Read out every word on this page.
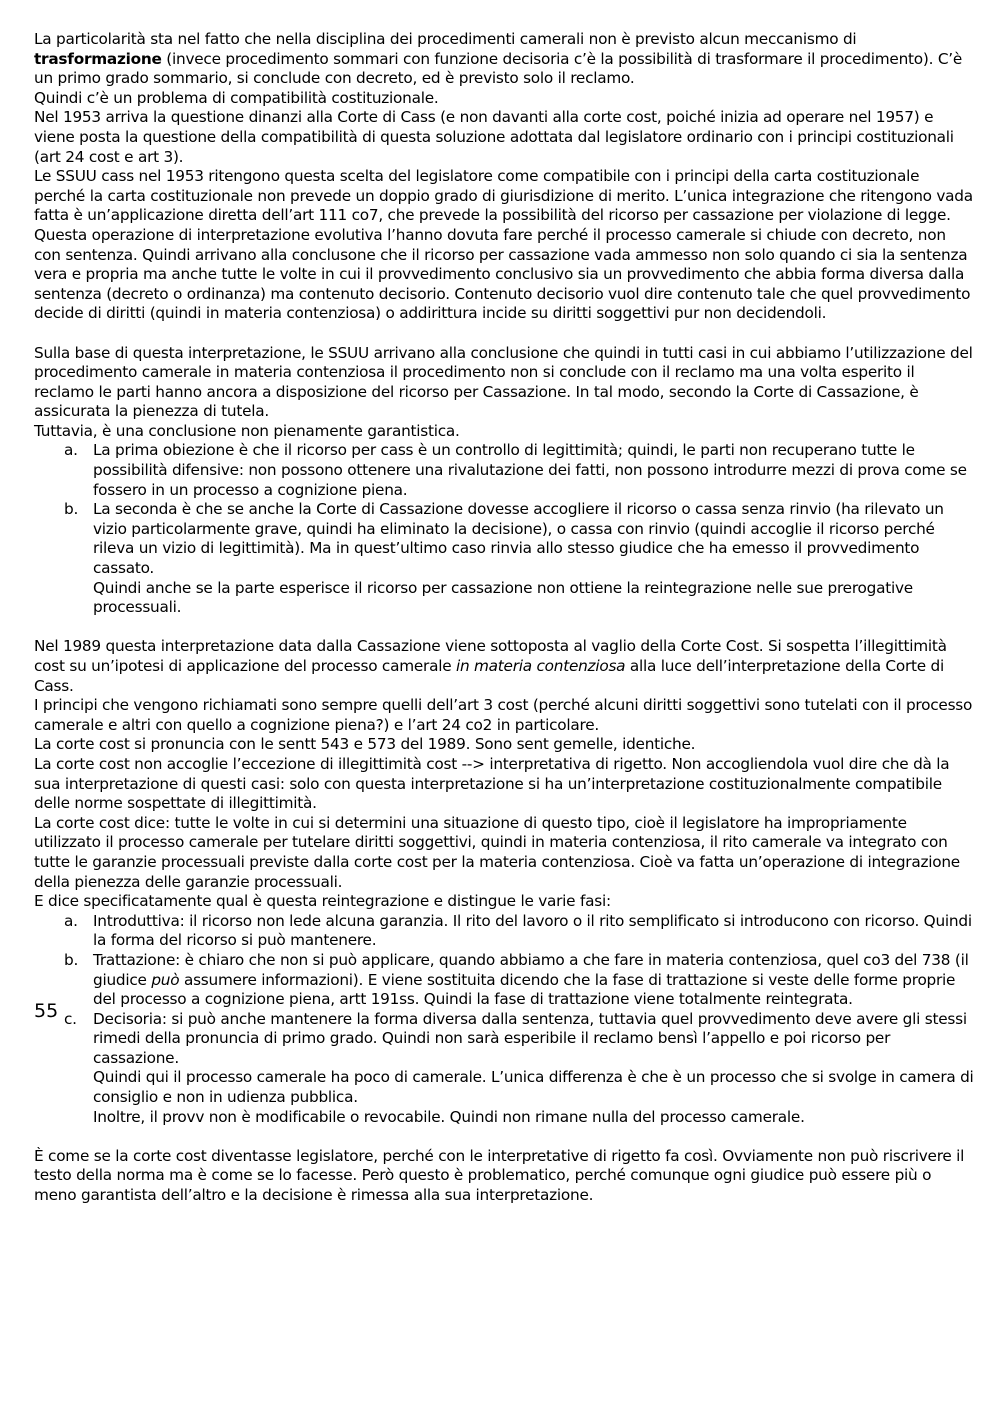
La particolarità sta nel fatto che nella disciplina dei procedimenti camerali non è previsto alcun meccanismo di trasformazione (invece procedimento sommari con funzione decisoria c’è la possibilità di trasformare il procedimento). C’è un primo grado sommario, si conclude con decreto, ed è previsto solo il reclamo.

Quindi c’è un problema di compatibilità costituzionale.

Nel 1953 arriva la questione dinanzi alla Corte di Cass (e non davanti alla corte cost, poiché inizia ad operare nel 1957) e viene posta la questione della compatibilità di questa soluzione adottata dal legislatore ordinario con i principi costituzionali (art 24 cost e art 3).

Le SSUU cass nel 1953 ritengono questa scelta del legislatore come compatibile con i principi della carta costituzionale perché la carta costituzionale non prevede un doppio grado di giurisdizione di merito. L’unica integrazione che ritengono vada fatta è un’applicazione diretta dell’art 111 co7, che prevede la possibilità del ricorso per cassazione per violazione di legge.

Questa operazione di interpretazione evolutiva l’hanno dovuta fare perché il processo camerale si chiude con decreto, non con sentenza. Quindi arrivano alla conclusone che il ricorso per cassazione vada ammesso non solo quando ci sia la sentenza vera e propria ma anche tutte le volte in cui il provvedimento conclusivo sia un provvedimento che abbia forma diversa dalla sentenza (decreto o ordinanza) ma contenuto decisorio. Contenuto decisorio vuol dire contenuto tale che quel provvedimento decide di diritti (quindi in materia contenziosa) o addirittura incide su diritti soggettivi pur non decidendoli.

Sulla base di questa interpretazione, le SSUU arrivano alla conclusione che quindi in tutti casi in cui abbiamo l’utilizzazione del procedimento camerale in materia contenziosa il procedimento non si conclude con il reclamo ma una volta esperito il reclamo le parti hanno ancora a disposizione del ricorso per Cassazione. In tal modo, secondo la Corte di Cassazione, è assicurata la pienezza di tutela.

Tuttavia, è una conclusione non pienamente garantistica.

a. La prima obiezione è che il ricorso per cass è un controllo di legittimità; quindi, le parti non recuperano tutte le possibilità difensive: non possono ottenere una rivalutazione dei fatti, non possono introdurre mezzi di prova come se fossero in un processo a cognizione piena.

b. La seconda è che se anche la Corte di Cassazione dovesse accogliere il ricorso o cassa senza rinvio (ha rilevato un vizio particolarmente grave, quindi ha eliminato la decisione), o cassa con rinvio (quindi accoglie il ricorso perché rileva un vizio di legittimità). Ma in quest’ultimo caso rinvia allo stesso giudice che ha emesso il provvedimento cassato.

Quindi anche se la parte esperisce il ricorso per cassazione non ottiene la reintegrazione nelle sue prerogative processuali.

Nel 1989 questa interpretazione data dalla Cassazione viene sottoposta al vaglio della Corte Cost. Si sospetta l’illegittimità cost su un’ipotesi di applicazione del processo camerale in materia contenziosa alla luce dell’interpretazione della Corte di Cass.

I principi che vengono richiamati sono sempre quelli dell’art 3 cost (perché alcuni diritti soggettivi sono tutelati con il processo camerale e altri con quello a cognizione piena?) e l’art 24 co2 in particolare.

La corte cost si pronuncia con le sentt 543 e 573 del 1989. Sono sent gemelle, identiche.

La corte cost non accoglie l’eccezione di illegittimità cost --> interpretativa di rigetto. Non accogliendola vuol dire che dà la sua interpretazione di questi casi: solo con questa interpretazione si ha un’interpretazione costituzionalmente compatibile delle norme sospettate di illegittimità.

La corte cost dice: tutte le volte in cui si determini una situazione di questo tipo, cioè il legislatore ha impropriamente utilizzato il processo camerale per tutelare diritti soggettivi, quindi in materia contenziosa, il rito camerale va integrato con tutte le garanzie processuali previste dalla corte cost per la materia contenziosa. Cioè va fatta un’operazione di integrazione della pienezza delle garanzie processuali.

E dice specificatamente qual è questa reintegrazione e distingue le varie fasi:

a. Introduttiva: il ricorso non lede alcuna garanzia. Il rito del lavoro o il rito semplificato si introducono con ricorso. Quindi la forma del ricorso si può mantenere.

b. Trattazione: è chiaro che non si può applicare, quando abbiamo a che fare in materia contenziosa, quel co3 del 738 (il giudice può assumere informazioni). E viene sostituita dicendo che la fase di trattazione si veste delle forme proprie del processo a cognizione piena, artt 191ss. Quindi la fase di trattazione viene totalmente reintegrata.

c. Decisoria: si può anche mantenere la forma diversa dalla sentenza, tuttavia quel provvedimento deve avere gli stessi rimedi della pronuncia di primo grado. Quindi non sarà esperibile il reclamo bensì l’appello e poi ricorso per cassazione.

Quindi qui il processo camerale ha poco di camerale. L’unica differenza è che è un processo che si svolge in camera di consiglio e non in udienza pubblica.

Inoltre, il provv non è modificabile o revocabile. Quindi non rimane nulla del processo camerale.

È come se la corte cost diventasse legislatore, perché con le interpretative di rigetto fa così. Ovviamente non può riscrivere il testo della norma ma è come se lo facesse. Però questo è problematico, perché comunque ogni giudice può essere più o meno garantista dell’altro e la decisione è rimessa alla sua interpretazione.

55
